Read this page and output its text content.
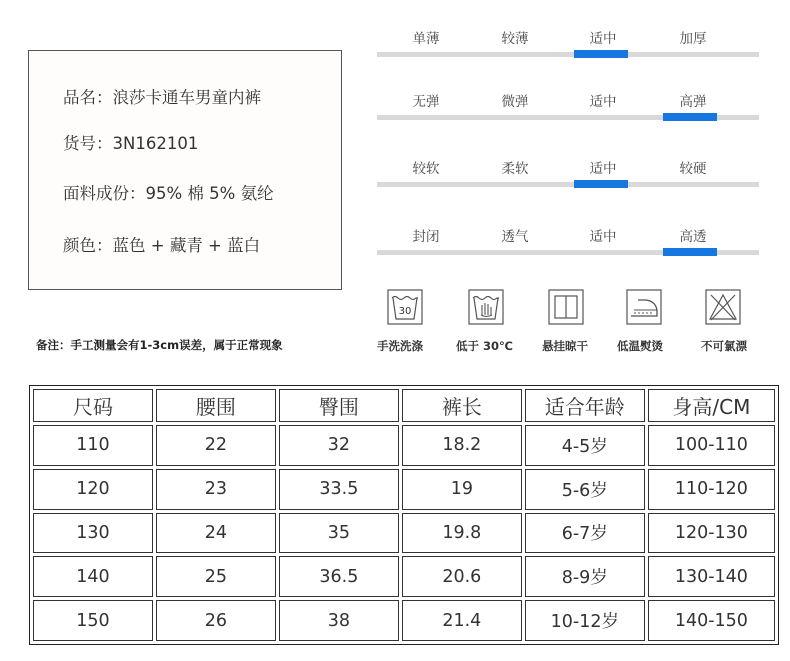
品名：浪莎卡通车男童内裤
货号：3N162101
面料成份：95% 棉 5% 氨纶
颜色：蓝色 + 藏青 + 蓝白
备注：手工测量会有1-3cm误差，属于正常现象
单薄	较薄	适中	加厚
无弹	微弹	适中	高弹
较软	柔软	适中	较硬
封闭	透气	适中	高透
30
手洗洗涤	低于 30℃	悬挂晾干	低温熨烫	不可氯漂
尺码	腰围	臀围	裤长	适合年龄	身高/CM
110	22	32	18.2	4-5岁	100-110
120	23	33.5	19	5-6岁	110-120
130	24	35	19.8	6-7岁	120-130
140	25	36.5	20.6	8-9岁	130-140
150	26	38	21.4	10-12岁	140-150
